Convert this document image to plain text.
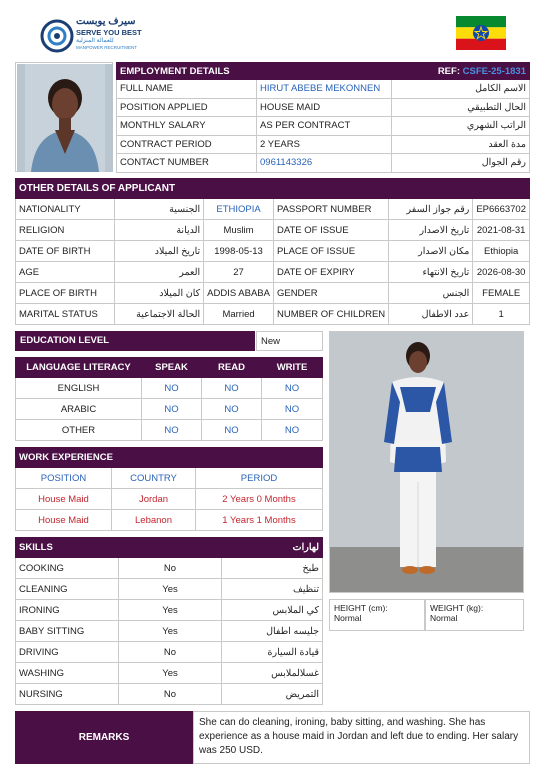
سيرف يوبست
SERVE YOU BEST
للعمالة المنزلية
MANPOWER RECRUITMENT
EMPLOYMENT DETAILS		REF: CSFE-25-1831
FULL NAME	HIRUT ABEBE MEKONNEN	الاسم الكامل
POSITION APPLIED	HOUSE MAID	الحال التطبيقي
MONTHLY SALARY	AS PER CONTRACT	الراتب الشهري
CONTRACT PERIOD	2 YEARS	مدة العقد
CONTACT NUMBER	0961143326	رقم الجوال
OTHER DETAILS OF APPLICANT					
NATIONALITY	الجنسية	ETHIOPIA	PASSPORT NUMBER	رقم جواز السفر	EP6663702
RELIGION	الديانة	Muslim	DATE OF ISSUE	تاريخ الاصدار	2021-08-31
DATE OF BIRTH	تاريخ الميلاد	1998-05-13	PLACE OF ISSUE	مكان الاصدار	Ethiopia
AGE	العمر	27	DATE OF EXPIRY	تاريخ الانتهاء	2026-08-30
PLACE OF BIRTH	كان الميلاد	ADDIS ABABA	GENDER	الجنس	FEMALE
MARITAL STATUS	الحالة الاجتماعية	Married	NUMBER OF CHILDREN	عدد الاطفال	1
EDUCATION LEVEL	New
LANGUAGE LITERACY	SPEAK	READ	WRITE
ENGLISH	NO	NO	NO
ARABIC	NO	NO	NO
OTHER	NO	NO	NO
WORK EXPERIENCE		
POSITION	COUNTRY	PERIOD
House Maid	Jordan	2 Years 0 Months
House Maid	Lebanon	1 Years 1 Months
SKILLS		لهارات
COOKING	No	طبخ
CLEANING	Yes	تنظيف
IRONING	Yes	كي الملابس
BABY SITTING	Yes	جليسه اطفال
DRIVING	No	قيادة السيارة
WASHING	Yes	غسلالملابس
NURSING	No	التمريض
HEIGHT (cm):
Normal
WEIGHT (kg):
Normal
REMARKS
She can do cleaning, ironing, baby sitting, and washing. She has experience as a house maid in Jordan and left due to ending. Her salary was 250 USD.
